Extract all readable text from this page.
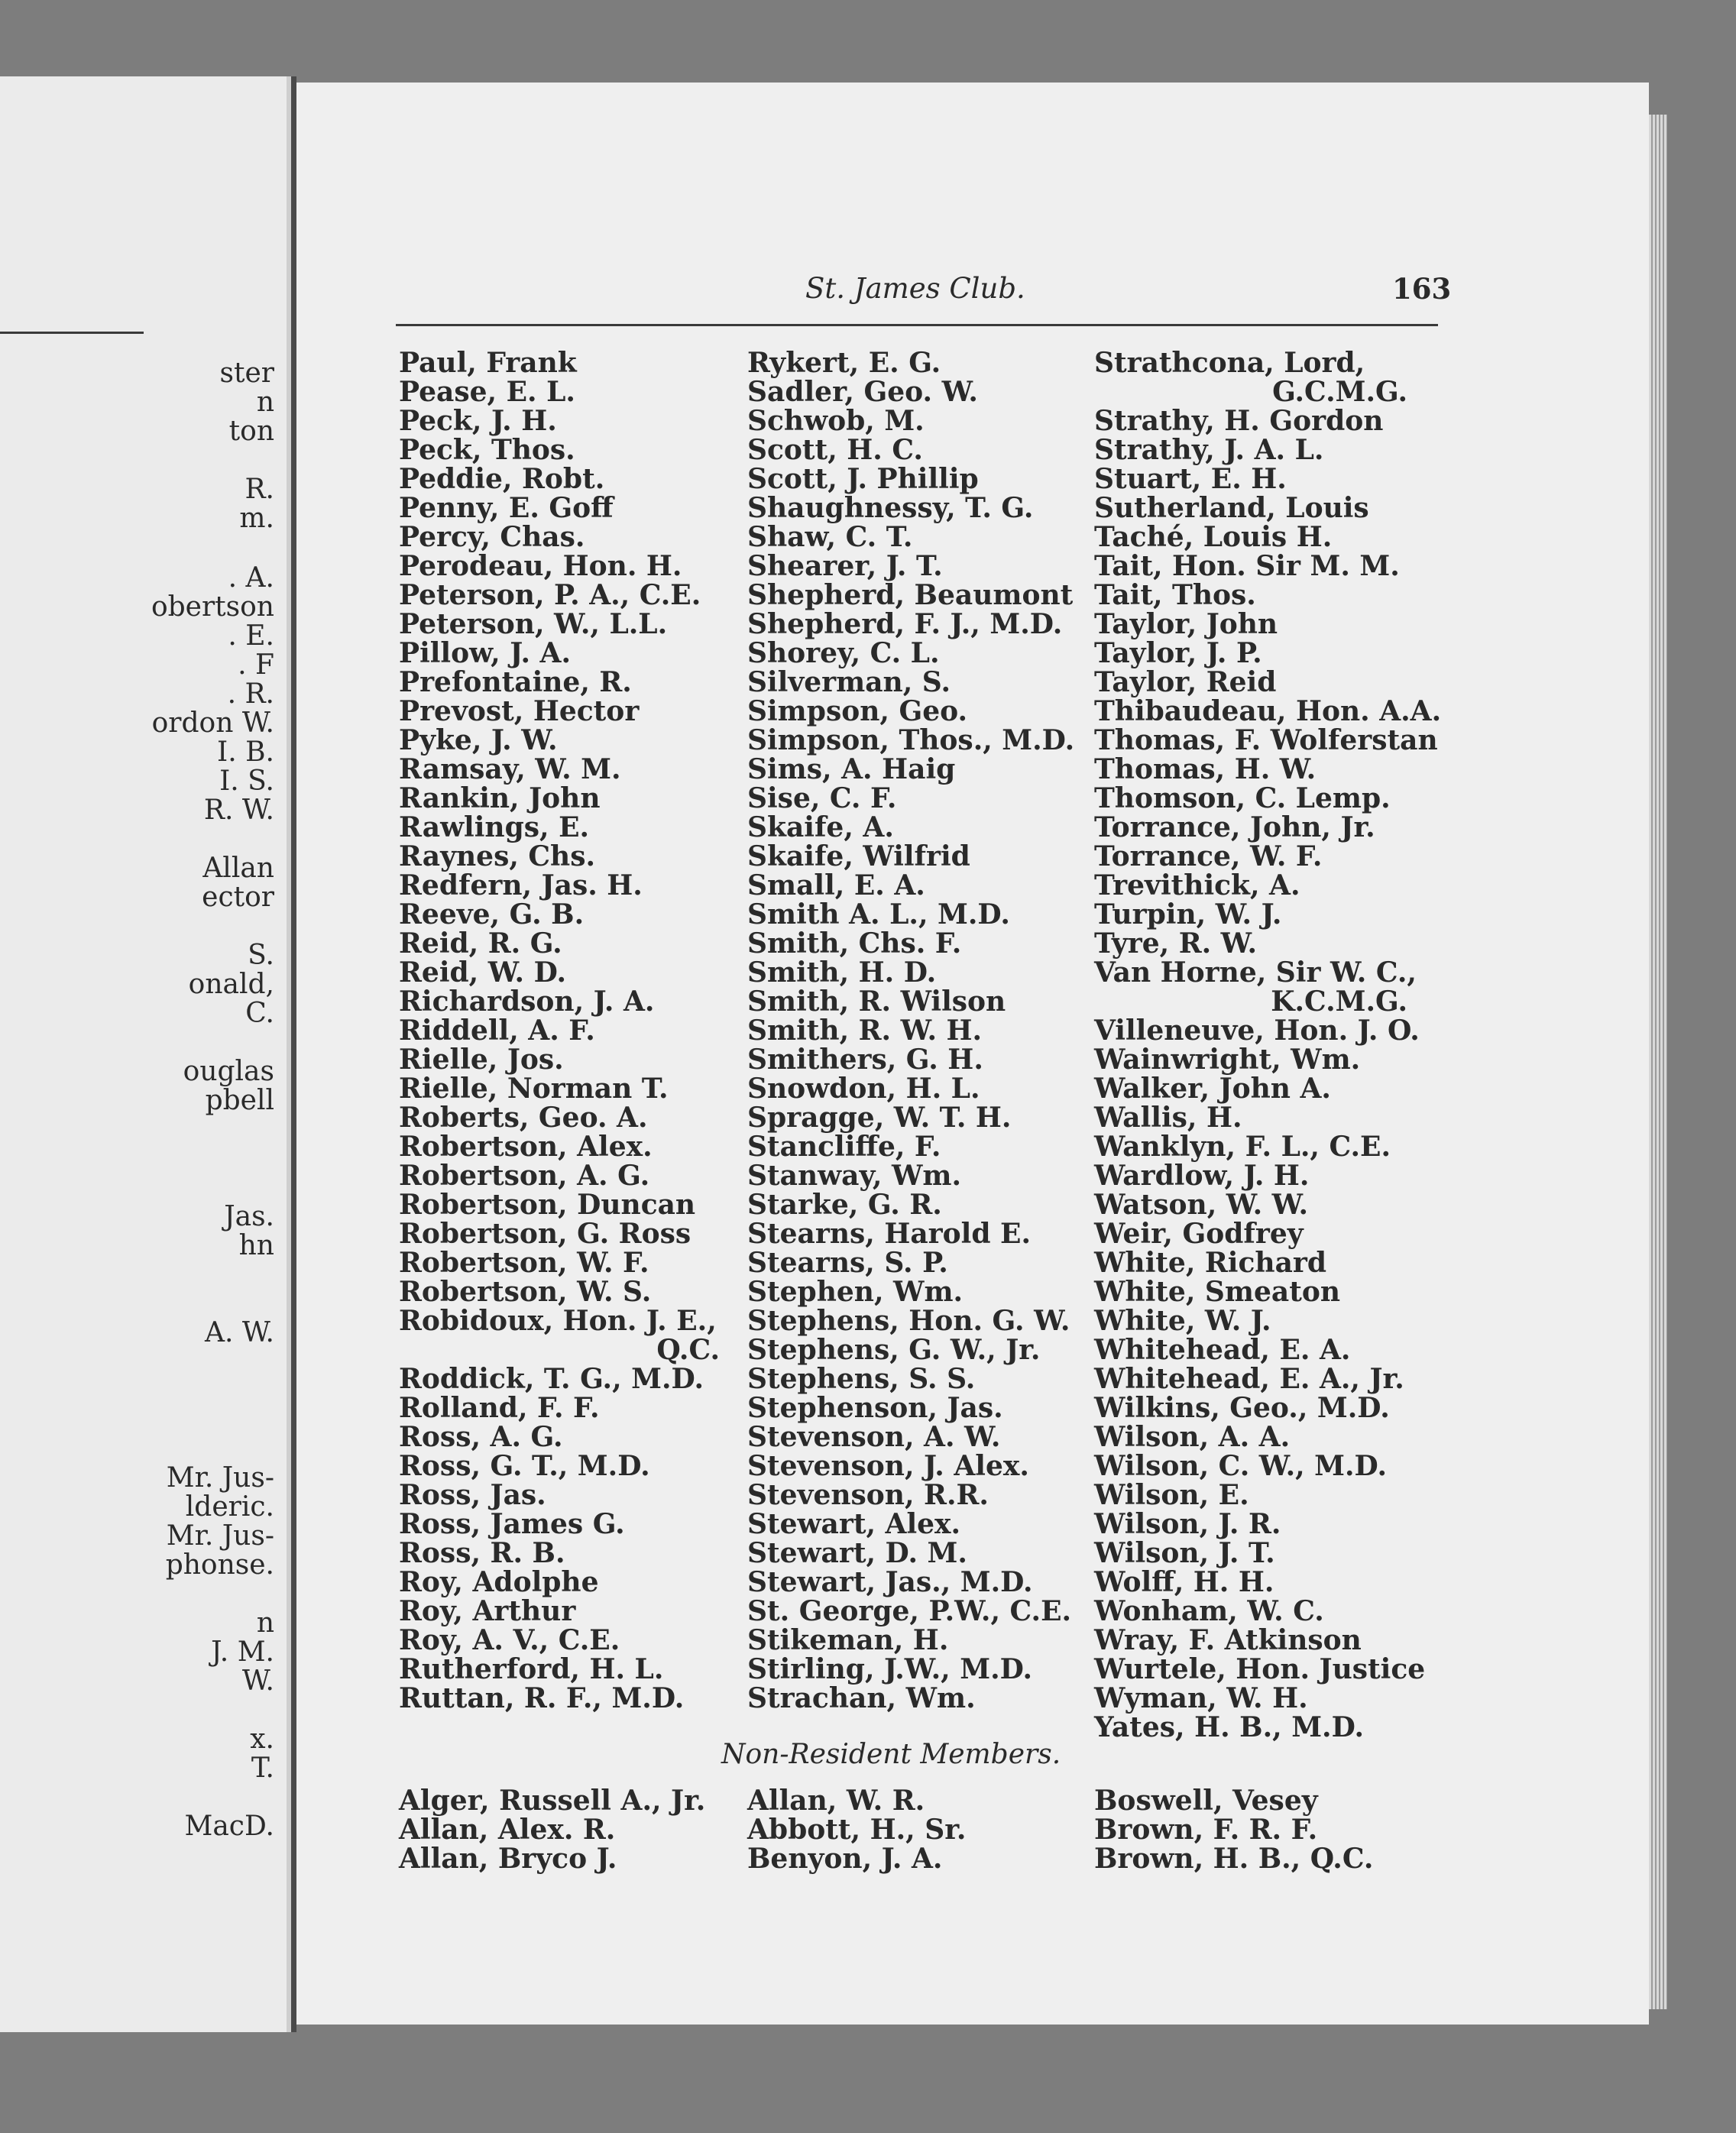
ster
n
ton
R.
m.
. A.
obertson
. E.
. F
. R.
ordon W.
I. B.
I. S.
R. W.
Allan
ector
S.
onald,
C.
ouglas
pbell
Jas.
hn
A. W.
Mr. Jus-
lderic.
Mr. Jus-
phonse.
n
J. M.
W.
x.
T.
MacD.
St. James Club.	163
Paul, Frank
Pease, E. L.
Peck, J. H.
Peck, Thos.
Peddie, Robt.
Penny, E. Goff
Percy, Chas.
Perodeau, Hon. H.
Peterson, P. A., C.E.
Peterson, W., L.L.
Pillow, J. A.
Prefontaine, R.
Prevost, Hector
Pyke, J. W.
Ramsay, W. M.
Rankin, John
Rawlings, E.
Raynes, Chs.
Redfern, Jas. H.
Reeve, G. B.
Reid, R. G.
Reid, W. D.
Richardson, J. A.
Riddell, A. F.
Rielle, Jos.
Rielle, Norman T.
Roberts, Geo. A.
Robertson, Alex.
Robertson, A. G.
Robertson, Duncan
Robertson, G. Ross
Robertson, W. F.
Robertson, W. S.
Robidoux, Hon. J. E.,
Q.C.
Roddick, T. G., M.D.
Rolland, F. F.
Ross, A. G.
Ross, G. T., M.D.
Ross, Jas.
Ross, James G.
Ross, R. B.
Roy, Adolphe
Roy, Arthur
Roy, A. V., C.E.
Rutherford, H. L.
Ruttan, R. F., M.D.
Rykert, E. G.
Sadler, Geo. W.
Schwob, M.
Scott, H. C.
Scott, J. Phillip
Shaughnessy, T. G.
Shaw, C. T.
Shearer, J. T.
Shepherd, Beaumont
Shepherd, F. J., M.D.
Shorey, C. L.
Silverman, S.
Simpson, Geo.
Simpson, Thos., M.D.
Sims, A. Haig
Sise, C. F.
Skaife, A.
Skaife, Wilfrid
Small, E. A.
Smith A. L., M.D.
Smith, Chs. F.
Smith, H. D.
Smith, R. Wilson
Smith, R. W. H.
Smithers, G. H.
Snowdon, H. L.
Spragge, W. T. H.
Stancliffe, F.
Stanway, Wm.
Starke, G. R.
Stearns, Harold E.
Stearns, S. P.
Stephen, Wm.
Stephens, Hon. G. W.
Stephens, G. W., Jr.
Stephens, S. S.
Stephenson, Jas.
Stevenson, A. W.
Stevenson, J. Alex.
Stevenson, R.R.
Stewart, Alex.
Stewart, D. M.
Stewart, Jas., M.D.
St. George, P.W., C.E.
Stikeman, H.
Stirling, J.W., M.D.
Strachan, Wm.
Strathcona, Lord,
G.C.M.G.
Strathy, H. Gordon
Strathy, J. A. L.
Stuart, E. H.
Sutherland, Louis
Taché, Louis H.
Tait, Hon. Sir M. M.
Tait, Thos.
Taylor, John
Taylor, J. P.
Taylor, Reid
Thibaudeau, Hon. A.A.
Thomas, F. Wolferstan
Thomas, H. W.
Thomson, C. Lemp.
Torrance, John, Jr.
Torrance, W. F.
Trevithick, A.
Turpin, W. J.
Tyre, R. W.
Van Horne, Sir W. C.,
K.C.M.G.
Villeneuve, Hon. J. O.
Wainwright, Wm.
Walker, John A.
Wallis, H.
Wanklyn, F. L., C.E.
Wardlow, J. H.
Watson, W. W.
Weir, Godfrey
White, Richard
White, Smeaton
White, W. J.
Whitehead, E. A.
Whitehead, E. A., Jr.
Wilkins, Geo., M.D.
Wilson, A. A.
Wilson, C. W., M.D.
Wilson, E.
Wilson, J. R.
Wilson, J. T.
Wolff, H. H.
Wonham, W. C.
Wray, F. Atkinson
Wurtele, Hon. Justice
Wyman, W. H.
Yates, H. B., M.D.
Non-Resident Members.
Alger, Russell A., Jr.
Allan, Alex. R.
Allan, Bryco J.
Allan, W. R.
Abbott, H., Sr.
Benyon, J. A.
Boswell, Vesey
Brown, F. R. F.
Brown, H. B., Q.C.
